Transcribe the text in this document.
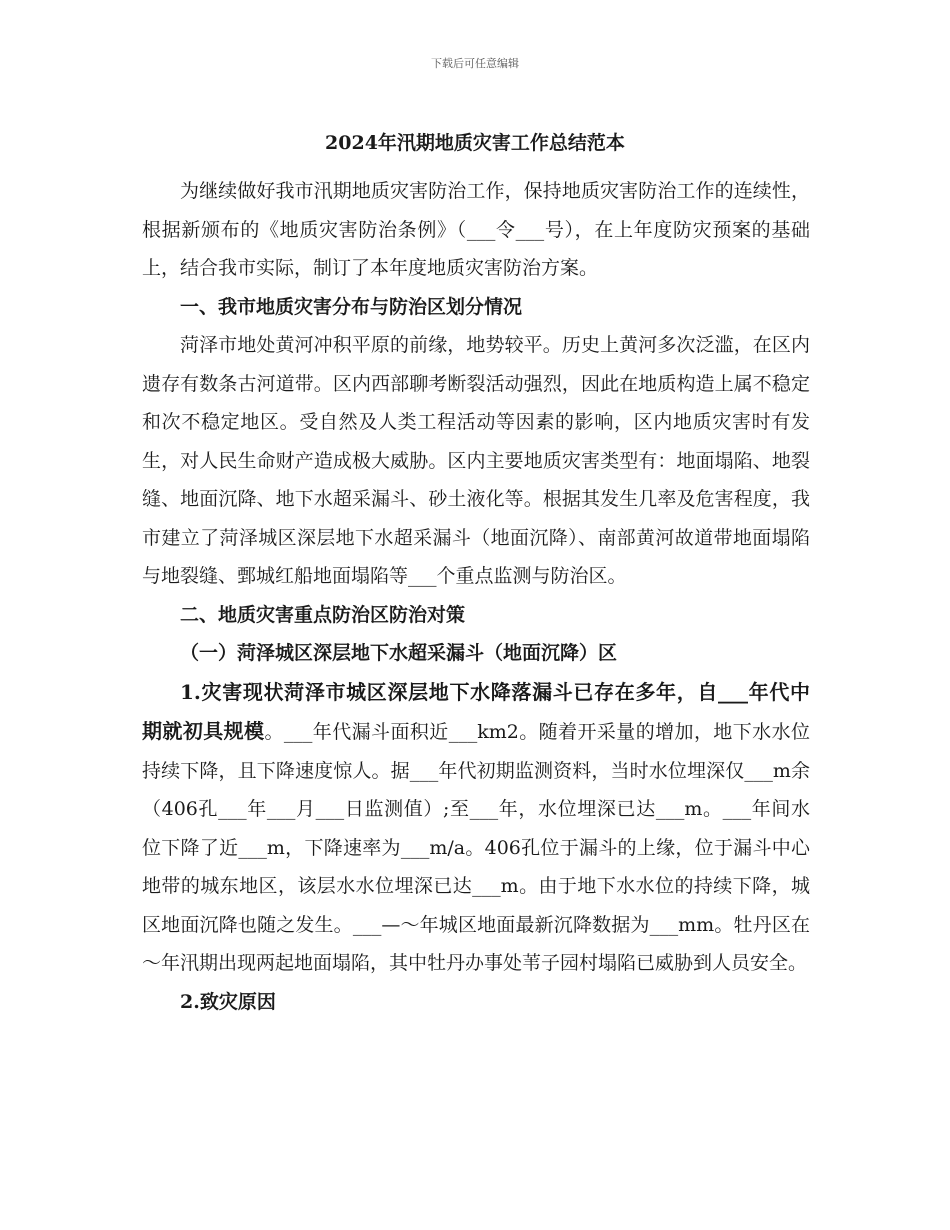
下载后可任意编辑
2024年汛期地质灾害工作总结范本

为继续做好我市汛期地质灾害防治工作，保持地质灾害防治工作的连续性，根据新颁布的《地质灾害防治条例》（___令___号），在上年度防灾预案的基础上，结合我市实际，制订了本年度地质灾害防治方案。

一、我市地质灾害分布与防治区划分情况

菏泽市地处黄河冲积平原的前缘，地势较平。历史上黄河多次泛滥，在区内遗存有数条古河道带。区内西部聊考断裂活动强烈，因此在地质构造上属不稳定和次不稳定地区。受自然及人类工程活动等因素的影响，区内地质灾害时有发生，对人民生命财产造成极大威胁。区内主要地质灾害类型有：地面塌陷、地裂缝、地面沉降、地下水超采漏斗、砂土液化等。根据其发生几率及危害程度，我市建立了菏泽城区深层地下水超采漏斗（地面沉降）、南部黄河故道带地面塌陷与地裂缝、鄄城红船地面塌陷等___个重点监测与防治区。

二、地质灾害重点防治区防治对策

（一）菏泽城区深层地下水超采漏斗（地面沉降）区

1.灾害现状菏泽市城区深层地下水降落漏斗已存在多年，自___年代中期就初具规模。___年代漏斗面积近___km2。随着开采量的增加，地下水水位持续下降，且下降速度惊人。据___年代初期监测资料，当时水位埋深仅___m余（406孔___年___月___日监测值）;至___年，水位埋深已达___m。___年间水位下降了近___m，下降速率为___m/a。406孔位于漏斗的上缘，位于漏斗中心地带的城东地区，该层水水位埋深已达___m。由于地下水水位的持续下降，城区地面沉降也随之发生。___—～年城区地面最新沉降数据为___mm。牡丹区在～年汛期出现两起地面塌陷，其中牡丹办事处苇子园村塌陷已威胁到人员安全。

2.致灾原因
